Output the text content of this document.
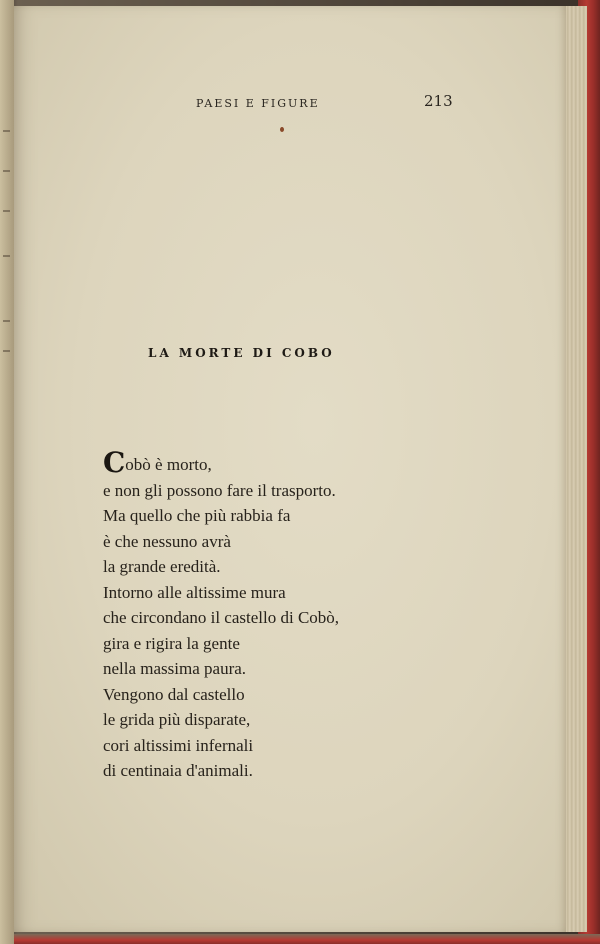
PAESI E FIGURE	213
LA MORTE DI COBO
Cobò è morto,
e non gli possono fare il trasporto.
Ma quello che più rabbia fa
è che nessuno avrà
la grande eredità.
Intorno alle altissime mura
che circondano il castello di Cobò,
gira e rigira la gente
nella massima paura.
Vengono dal castello
le grida più disparate,
cori altissimi infernali
di centinaia d'animali.
